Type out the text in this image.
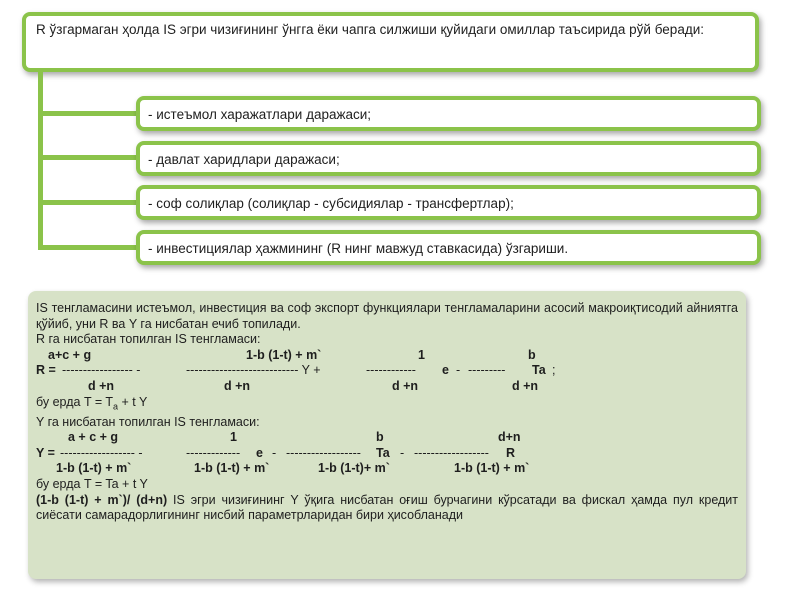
R ўзгармаган ҳолда IS эгри чизиғининг ўнгга ёки чапга силжиши қуйидаги омиллар таъсирида рўй беради:
- истеъмол харажатлари даражаси;
- давлат харидлари даражаси;
- соф солиқлар (солиқлар - субсидиялар - трансфертлар);
- инвестициялар ҳажмининг (R нинг мавжуд ставкасида) ўзгариши.
IS тенгламасини истеъмол, инвестиция ва соф экспорт функциялари тенгламаларини асосий макроиқтисодий айниятга қўйиб, уни R ва Y га нисбатан ечиб топилади.
R га нисбатан топилган IS тенгламаси:
a+c + g	1-b (1-t) + m`	1	b
R = ----------------- -	--------------------------- Y +	------------ e - --------- Ta ;
d +n	d +n	d +n	d +n
бу ерда $T = T_a + t$ Y
Y га нисбатан топилган IS тенгламаси:
a + c + g	1	b	d+n
Y = ------------------ -	------------- e - ------------------ Ta - ------------------ R
1-b (1-t) + m`	1-b (1-t) + m`	1-b (1-t)+ m`	1-b (1-t) + m`
бу ерда T = Ta + t Y
(1-b (1-t) + m`)/ (d+n) IS эгри чизиғининг Y ўқига нисбатан оғиш бурчагини кўрсатади ва фискал ҳамда пул кредит сиёсати самарадорлигининг нисбий параметрларидан бири ҳисобланади
